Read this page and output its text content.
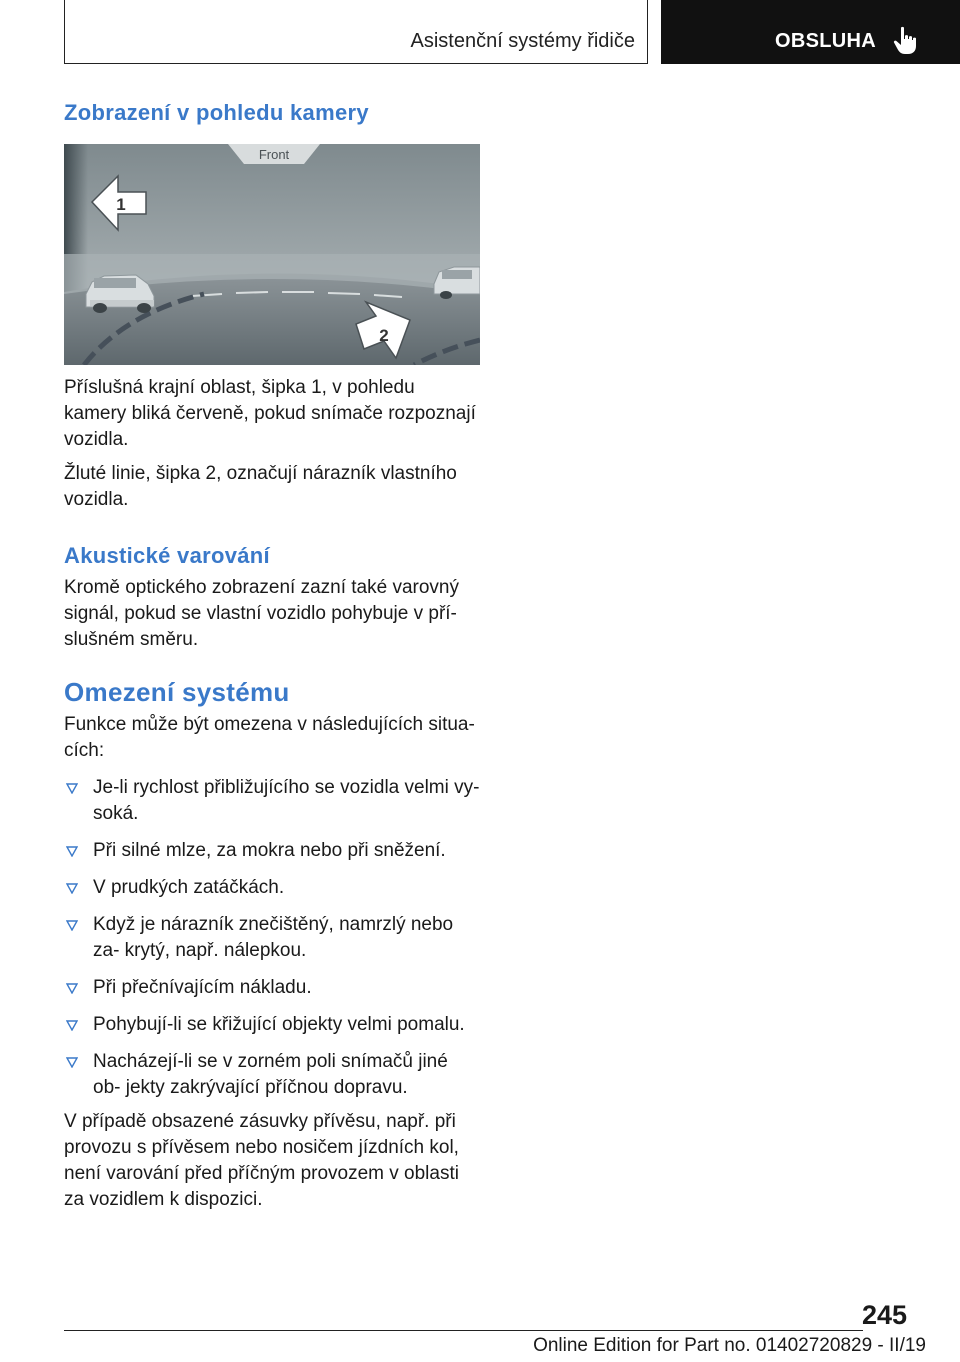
Asistenční systémy řidiče	OBSLUHA
Zobrazení v pohledu kamery
Front
1
2

Příslušná krajní oblast, šipka 1, v pohledu kamery bliká červeně, pokud snímače rozpoznají vozidla.

Žluté linie, šipka 2, označují nárazník vlastního vozidla.

Akustické varování

Kromě optického zobrazení zazní také varovný signál, pokud se vlastní vozidlo pohybuje v pří‐ slušném směru.

Omezení systému

Funkce může být omezena v následujících situa‐ cích:

Je-li rychlost přibližujícího se vozidla velmi vy‐ soká.
Při silné mlze, za mokra nebo při sněžení.
V prudkých zatáčkách.
Když je nárazník znečištěný, namrzlý nebo za‐ krytý, např. nálepkou.
Při přečnívajícím nákladu.
Pohybují-li se křižující objekty velmi pomalu.
Nacházejí-li se v zorném poli snímačů jiné ob‐ jekty zakrývající příčnou dopravu.

V případě obsazené zásuvky přívěsu, např. při provozu s přívěsem nebo nosičem jízdních kol, není varování před příčným provozem v oblasti za vozidlem k dispozici.

245
Online Edition for Part no. 01402720829 - II/19
